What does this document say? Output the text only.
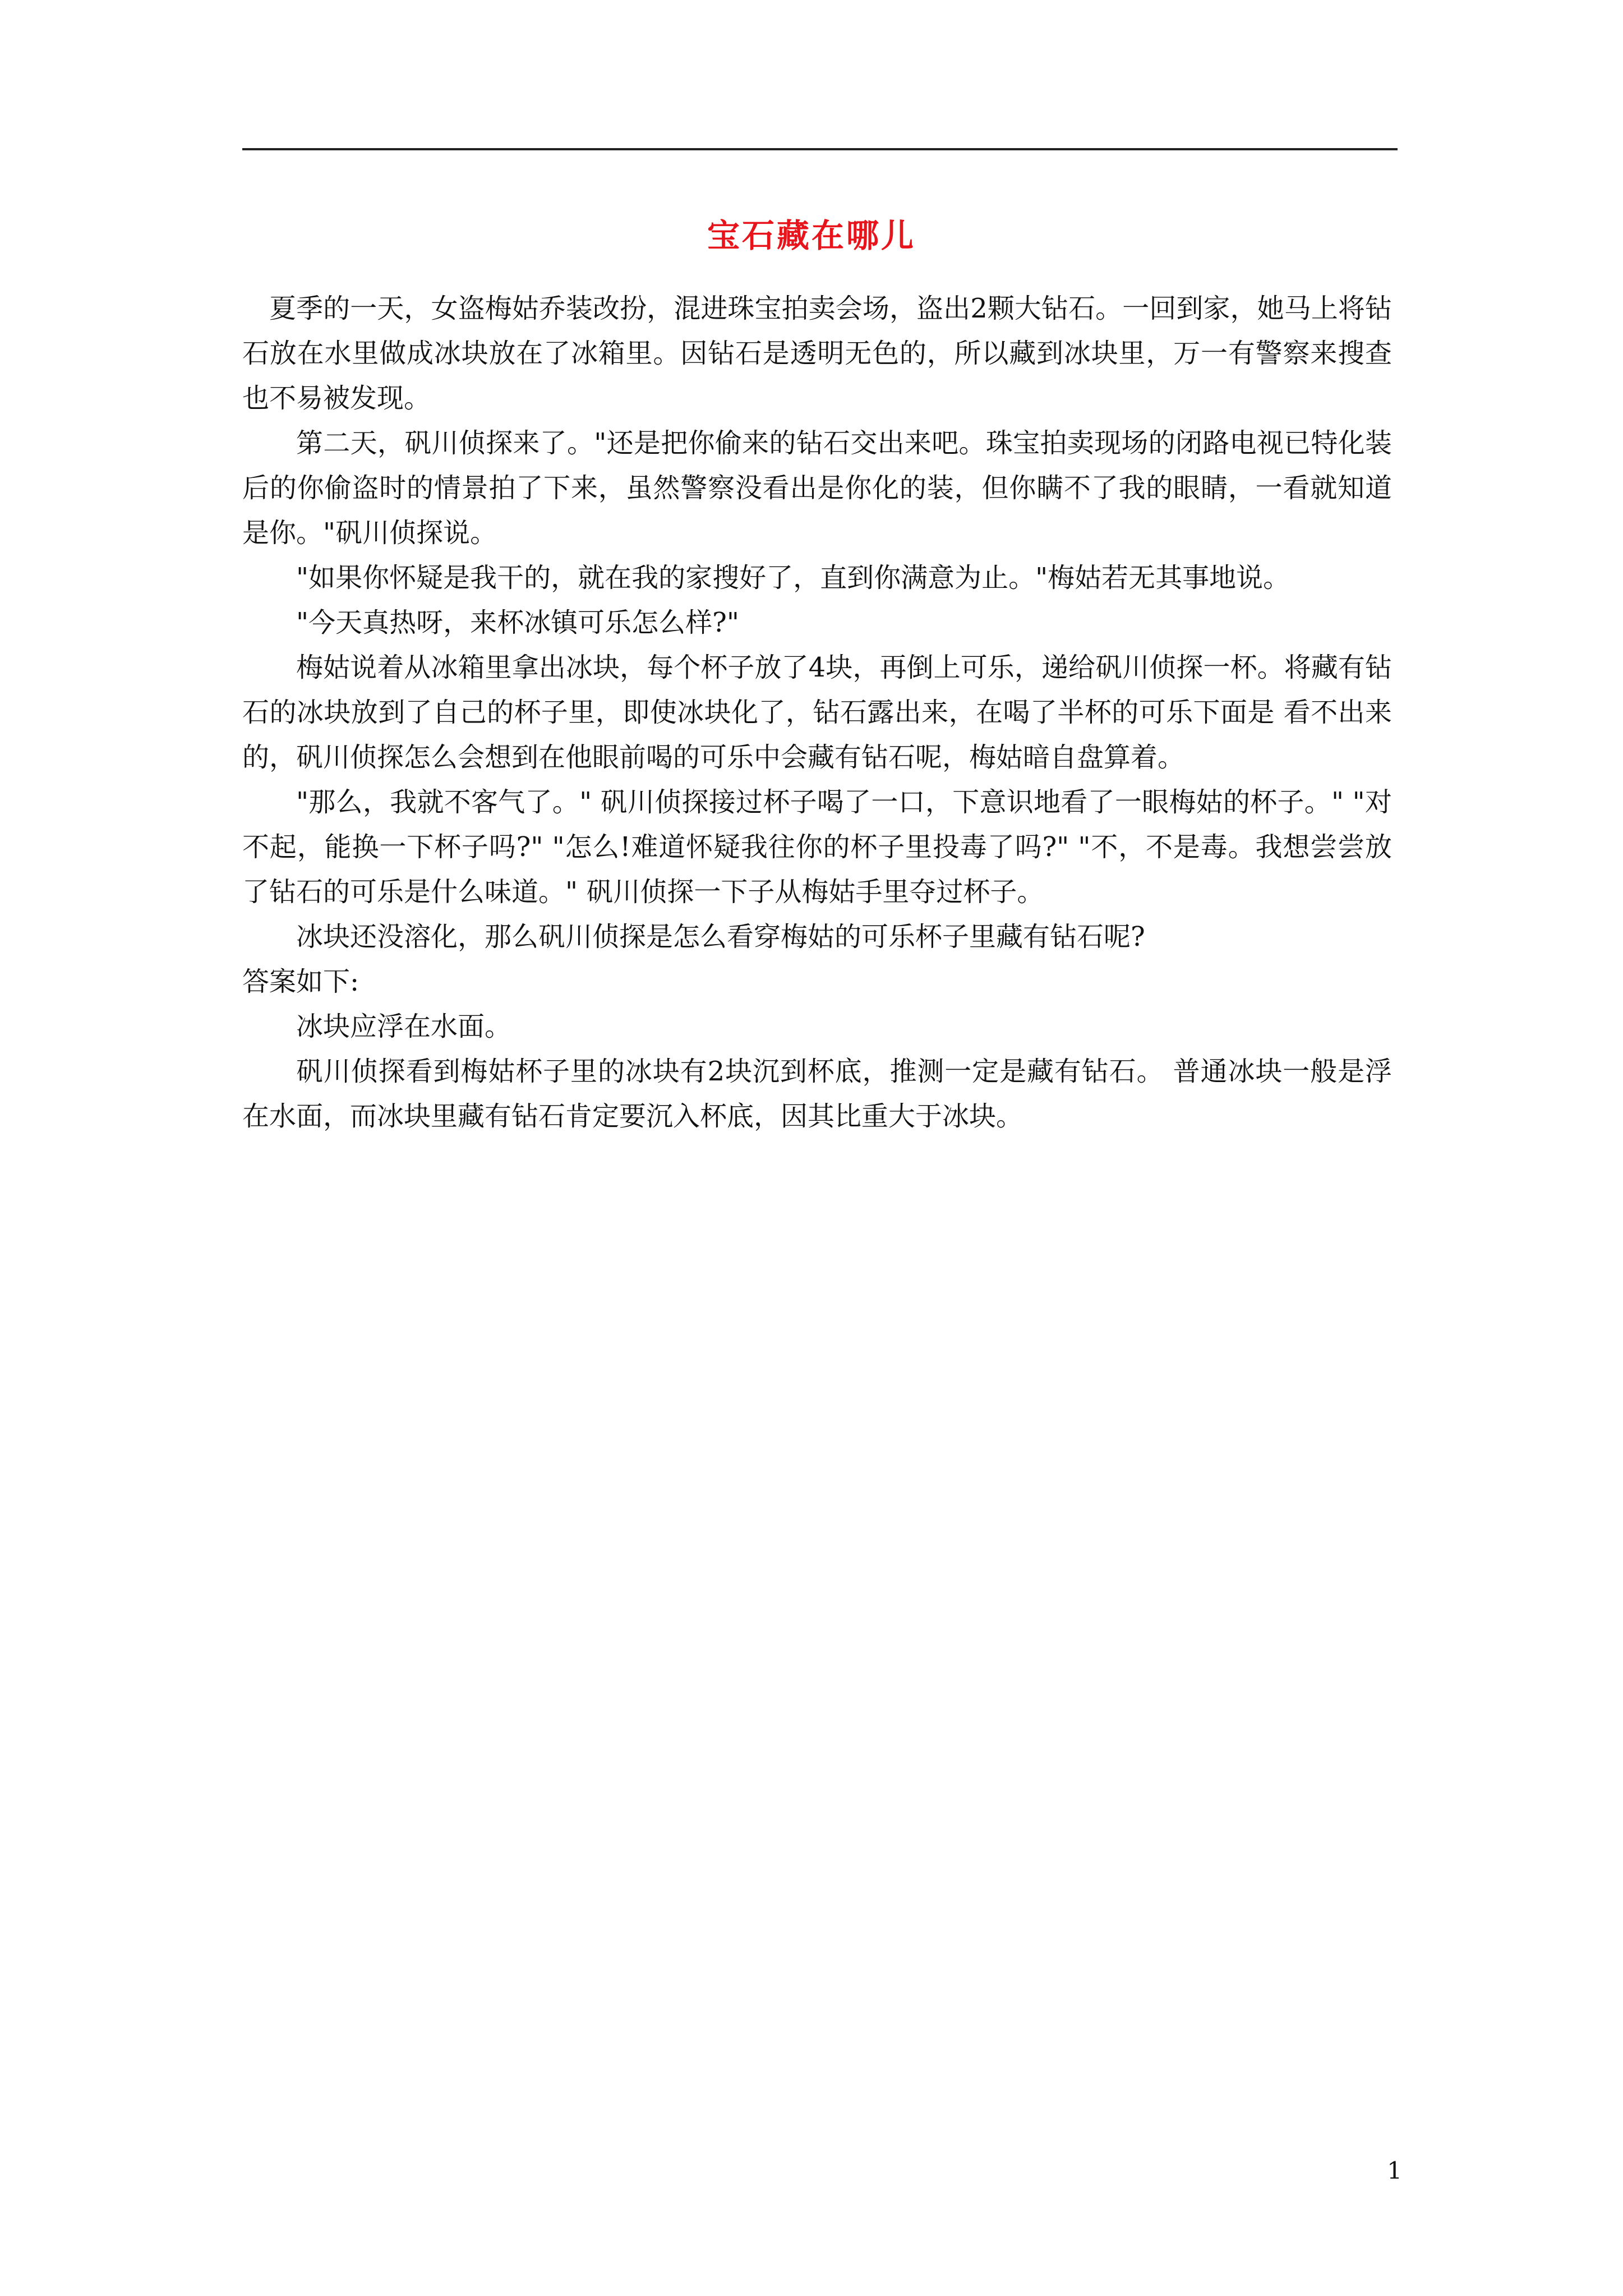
宝石藏在哪儿

夏季的一天，女盗梅姑乔装改扮，混进珠宝拍卖会场，盗出2颗大钻石。一回到家，她马上将钻石放在水里做成冰块放在了冰箱里。因钻石是透明无色的，所以藏到冰块里，万一有警察来搜查也不易被发现。

第二天，矾川侦探来了。"还是把你偷来的钻石交出来吧。珠宝拍卖现场的闭路电视已特化装后的你偷盗时的情景拍了下来，虽然警察没看出是你化的装，但你瞒不了我的眼睛，一看就知道是你。"矾川侦探说。

"如果你怀疑是我干的，就在我的家搜好了，直到你满意为止。"梅姑若无其事地说。

"今天真热呀，来杯冰镇可乐怎么样?"

梅姑说着从冰箱里拿出冰块，每个杯子放了4块，再倒上可乐，递给矾川侦探一杯。将藏有钻石的冰块放到了自己的杯子里，即使冰块化了，钻石露出来，在喝了半杯的可乐下面是 看不出来的，矾川侦探怎么会想到在他眼前喝的可乐中会藏有钻石呢，梅姑暗自盘算着。

"那么，我就不客气了。" 矾川侦探接过杯子喝了一口，下意识地看了一眼梅姑的杯子。" "对不起，能换一下杯子吗?" "怎么!难道怀疑我往你的杯子里投毒了吗?" "不，不是毒。我想尝尝放了钻石的可乐是什么味道。" 矾川侦探一下子从梅姑手里夺过杯子。

冰块还没溶化，那么矾川侦探是怎么看穿梅姑的可乐杯子里藏有钻石呢?

答案如下:

冰块应浮在水面。

矾川侦探看到梅姑杯子里的冰块有2块沉到杯底，推测一定是藏有钻石。 普通冰块一般是浮在水面，而冰块里藏有钻石肯定要沉入杯底，因其比重大于冰块。

1
